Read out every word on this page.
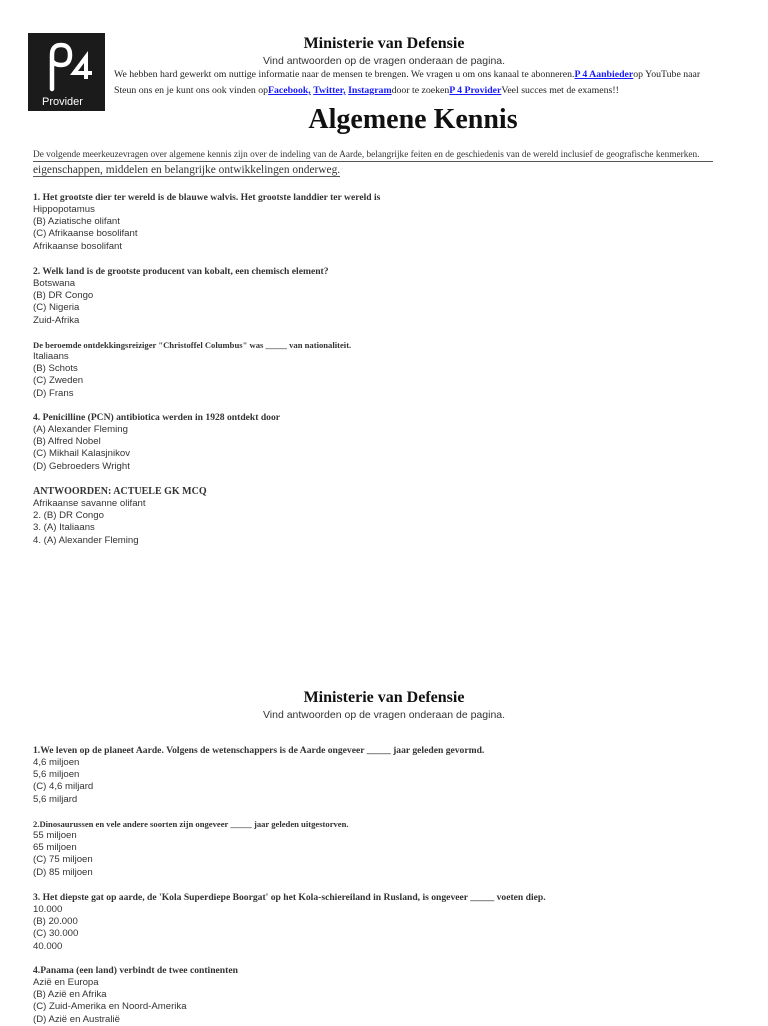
Provider
Ministerie van Defensie
Vind antwoorden op de vragen onderaan de pagina.
We hebben hard gewerkt om nuttige informatie naar de mensen te brengen. We vragen u om ons kanaal te abonneren.P 4 Aanbiederop YouTube naar
Steun ons en je kunt ons ook vinden opFacebook, Twitter, Instagramdoor te zoekenP 4 ProviderVeel succes met de examens!!
Algemene Kennis
De volgende meerkeuzevragen over algemene kennis zijn over de indeling van de Aarde, belangrijke feiten en de geschiedenis van de wereld inclusief de geografische kenmerken.
eigenschappen, middelen en belangrijke ontwikkelingen onderweg.
1. Het grootste dier ter wereld is de blauwe walvis. Het grootste landdier ter wereld is
Hippopotamus
(B) Aziatische olifant
(C) Afrikaanse bosolifant
Afrikaanse bosolifant
2. Welk land is de grootste producent van kobalt, een chemisch element?
Botswana
(B) DR Congo
(C) Nigeria
Zuid-Afrika
De beroemde ontdekkingsreiziger "Christoffel Columbus" was _____ van nationaliteit.
Italiaans
(B) Schots
(C) Zweden
(D) Frans
4. Penicilline (PCN) antibiotica werden in 1928 ontdekt door
(A) Alexander Fleming
(B) Alfred Nobel
(C) Mikhail Kalasjnikov
(D) Gebroeders Wright
ANTWOORDEN: ACTUELE GK MCQ
Afrikaanse savanne olifant
2. (B) DR Congo
3. (A) Italiaans
4. (A) Alexander Fleming
Ministerie van Defensie
Vind antwoorden op de vragen onderaan de pagina.
1.We leven op de planeet Aarde. Volgens de wetenschappers is de Aarde ongeveer _____ jaar geleden gevormd.
4,6 miljoen
5,6 miljoen
(C) 4,6 miljard
5,6 miljard
2.Dinosaurussen en vele andere soorten zijn ongeveer _____ jaar geleden uitgestorven.
55 miljoen
65 miljoen
(C) 75 miljoen
(D) 85 miljoen
3. Het diepste gat op aarde, de 'Kola Superdiepe Boorgat' op het Kola-schiereiland in Rusland, is ongeveer _____ voeten diep.
10.000
(B) 20.000
(C) 30.000
40.000
4.Panama (een land) verbindt de twee continenten
Azië en Europa
(B) Azië en Afrika
(C) Zuid-Amerika en Noord-Amerika
(D) Azië en Australië
